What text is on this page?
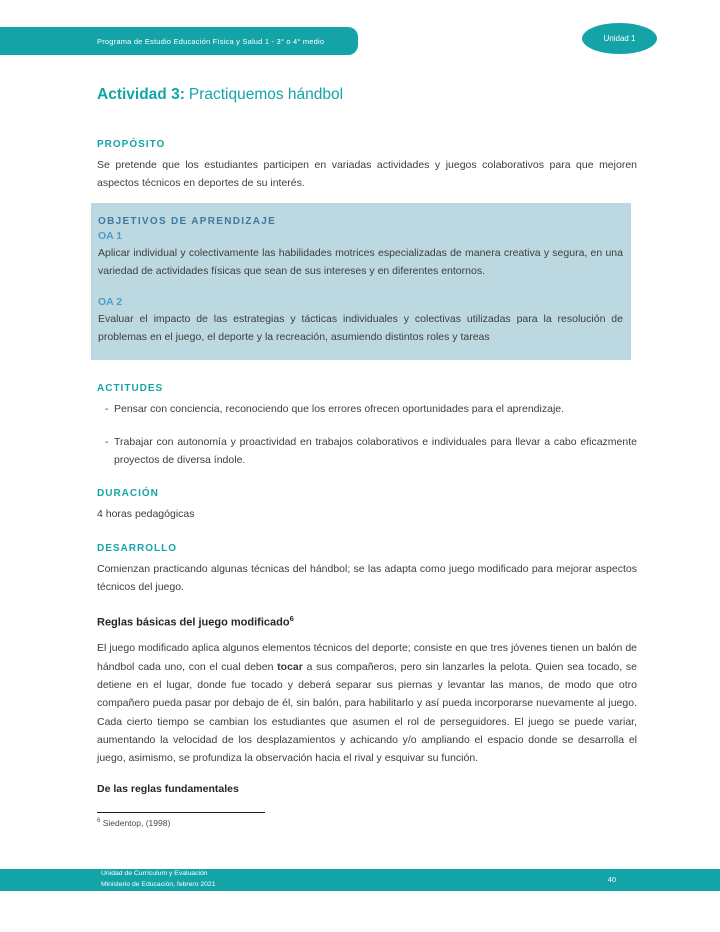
Programa de Estudio Educación Física y Salud 1 - 3° o 4° medio	Unidad 1
Actividad 3: Practiquemos hándbol
PROPÓSITO

Se pretende que los estudiantes participen en variadas actividades y juegos colaborativos para que mejoren aspectos técnicos en deportes de su interés.

OBJETIVOS DE APRENDIZAJE
OA 1
Aplicar individual y colectivamente las habilidades motrices especializadas de manera creativa y segura, en una variedad de actividades físicas que sean de sus intereses y en diferentes entornos.
OA 2
Evaluar el impacto de las estrategias y tácticas individuales y colectivas utilizadas para la resolución de problemas en el juego, el deporte y la recreación, asumiendo distintos roles y tareas
ACTITUDES
- Pensar con conciencia, reconociendo que los errores ofrecen oportunidades para el aprendizaje.
- Trabajar con autonomía y proactividad en trabajos colaborativos e individuales para llevar a cabo eficazmente proyectos de diversa índole.
DURACIÓN

4 horas pedagógicas

DESARROLLO

Comienzan practicando algunas técnicas del hándbol; se las adapta como juego modificado para mejorar aspectos técnicos del juego.

Reglas básicas del juego modificado$^6$

El juego modificado aplica algunos elementos técnicos del deporte; consiste en que tres jóvenes tienen un balón de hándbol cada uno, con el cual deben tocar a sus compañeros, pero sin lanzarles la pelota. Quien sea tocado, se detiene en el lugar, donde fue tocado y deberá separar sus piernas y levantar las manos, de modo que otro compañero pueda pasar por debajo de él, sin balón, para habilitarlo y así pueda incorporarse nuevamente al juego. Cada cierto tiempo se cambian los estudiantes que asumen el rol de perseguidores. El juego se puede variar, aumentando la velocidad de los desplazamientos y achicando y/o ampliando el espacio donde se desarrolla el juego, asimismo, se profundiza la observación hacia el rival y esquivar su función.

De las reglas fundamentales
$^6$ Siedentop, (1998)
Unidad de Currículum y Evaluación
Ministerio de Educación, febrero 2021
40
